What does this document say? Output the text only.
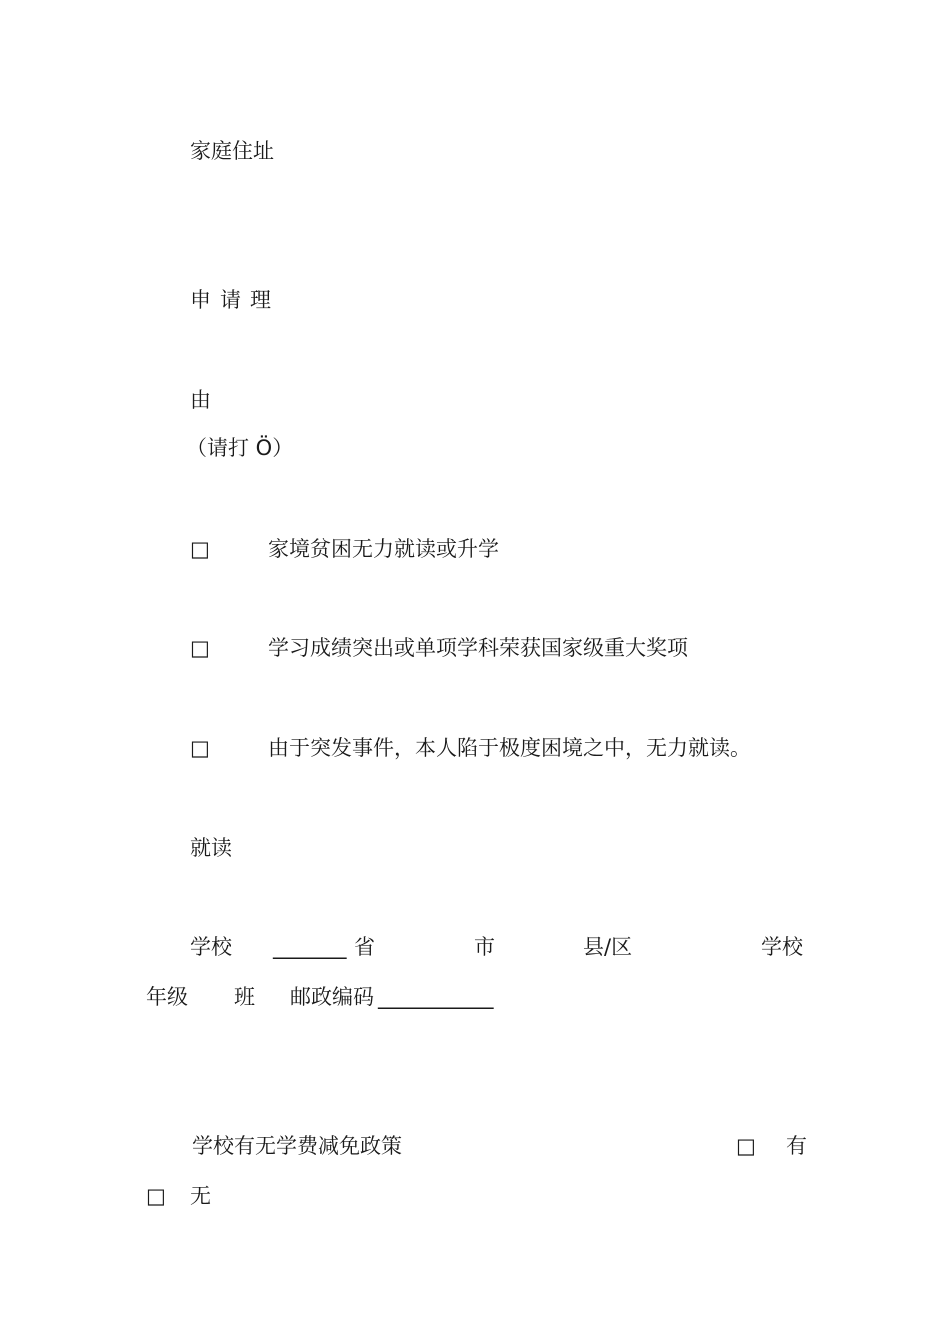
家庭住址

申请理

由

（请打 Ö）

□	家境贫困无力就读或升学

□	学习成绩突出或单项学科荣获国家级重大奖项

□	由于突发事件，本人陷于极度困境之中，无力就读。

就读

学校 _______ 省	市	县/区	学校

年级 班 邮政编码 ___________

学校有无学费减免政策	□ 有

□ 无
